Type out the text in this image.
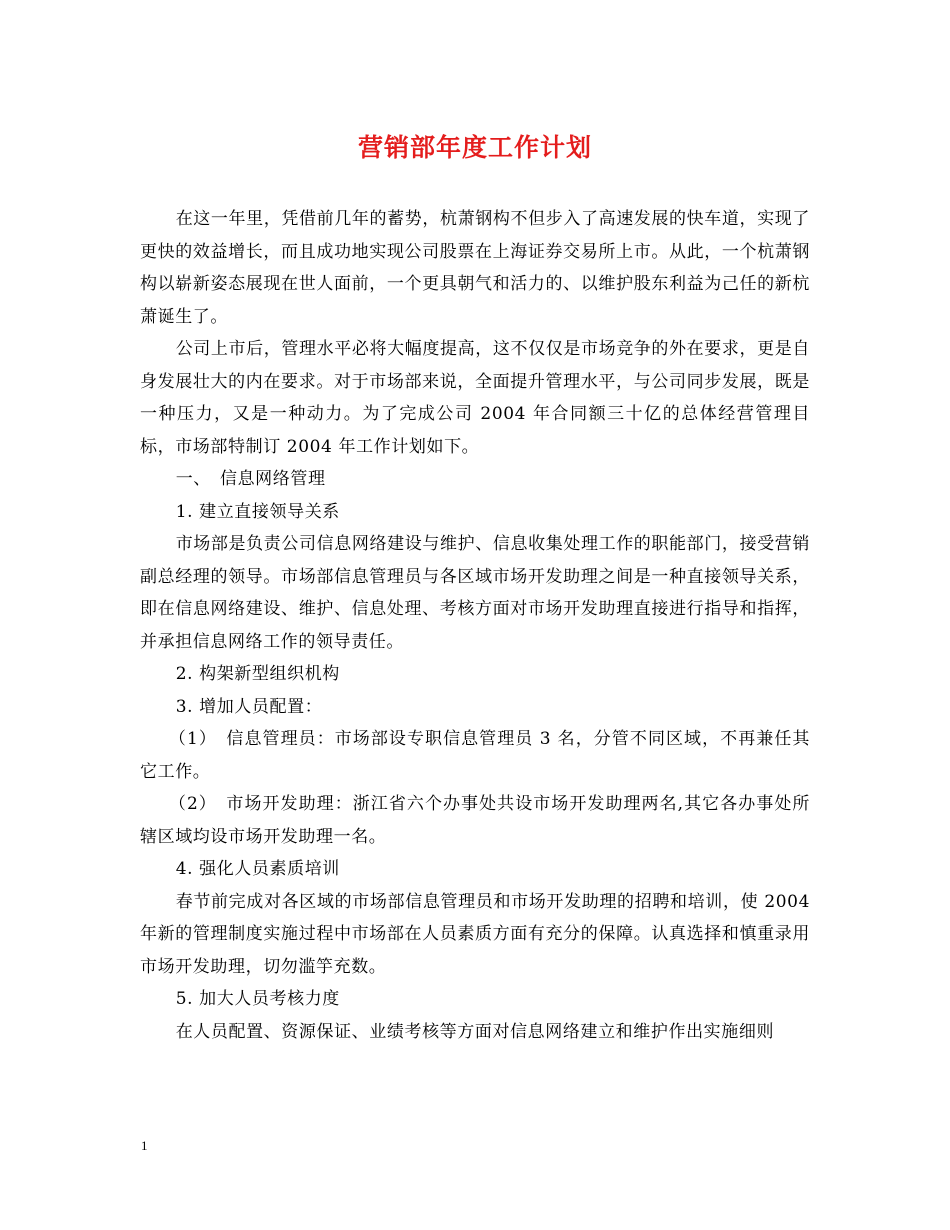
营销部年度工作计划

在这一年里，凭借前几年的蓄势，杭萧钢构不但步入了高速发展的快车道，实现了更快的效益增长，而且成功地实现公司股票在上海证券交易所上市。从此，一个杭萧钢构以崭新姿态展现在世人面前，一个更具朝气和活力的、以维护股东利益为己任的新杭萧诞生了。

公司上市后，管理水平必将大幅度提高，这不仅仅是市场竞争的外在要求，更是自身发展壮大的内在要求。对于市场部来说，全面提升管理水平，与公司同步发展，既是一种压力，又是一种动力。为了完成公司 2004 年合同额三十亿的总体经营管理目标，市场部特制订 2004 年工作计划如下。

一、　信息网络管理

1. 建立直接领导关系

市场部是负责公司信息网络建设与维护、信息收集处理工作的职能部门，接受营销副总经理的领导。市场部信息管理员与各区域市场开发助理之间是一种直接领导关系，即在信息网络建设、维护、信息处理、考核方面对市场开发助理直接进行指导和指挥，并承担信息网络工作的领导责任。

2. 构架新型组织机构

3. 增加人员配置：

（1）　信息管理员：市场部设专职信息管理员 3 名，分管不同区域，不再兼任其它工作。

（2）　市场开发助理：浙江省六个办事处共设市场开发助理两名,其它各办事处所辖区域均设市场开发助理一名。

4. 强化人员素质培训

春节前完成对各区域的市场部信息管理员和市场开发助理的招聘和培训，使 2004 年新的管理制度实施过程中市场部在人员素质方面有充分的保障。认真选择和慎重录用市场开发助理，切勿滥竽充数。

5. 加大人员考核力度

在人员配置、资源保证、业绩考核等方面对信息网络建立和维护作出实施细则

1
